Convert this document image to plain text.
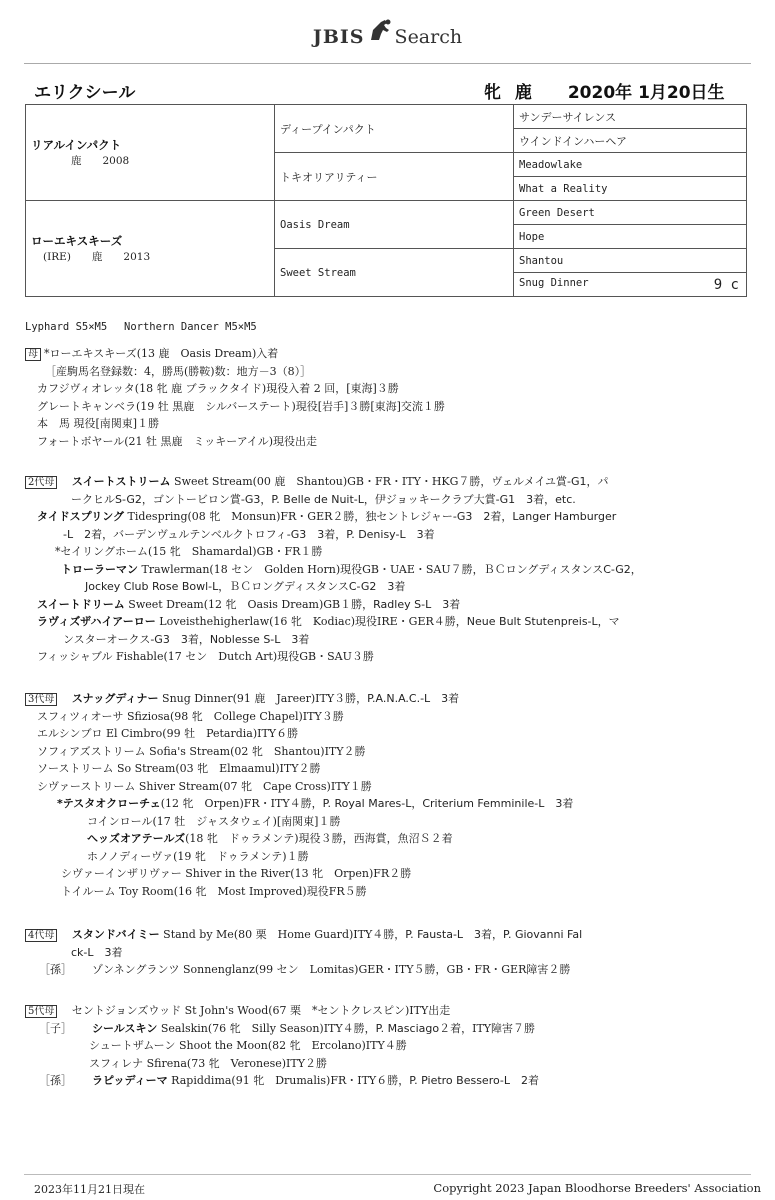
JBIS Search
エリクシール	牝 鹿 2020年 1月20日生
リアルインパクト
鹿　　2008	ディープインパクト	サンデーサイレンス
		ウインドインハーヘア
	トキオリアリティー	Meadowlake
		What a Reality

ローエキスキーズ
(IRE)　　鹿　　2013	Oasis Dream	Green Desert
		Hope
	Sweet Stream	Shantou
		Snug Dinner 9 c
Lyphard S5×M5　 Northern Dancer M5×M5
母 *ローエキスキーズ(13 鹿　Oasis Dream)入着
［産駒馬名登録数：4，勝馬(勝鞍)数：地方－3（8）］
カフジヴィオレッタ(18 牝 鹿 ブラックタイド)現役入着 2 回，[東海]３勝
グレートキャンベラ(19 牡 黒鹿　シルバーステート)現役[岩手]３勝[東海]交流１勝
本　馬 現役[南関東]１勝
フォートボヤール(21 牡 黒鹿　ミッキーアイル)現役出走
2代母 スイートストリーム Sweet Stream(00 鹿　Shantou)GB・FR・ITY・HKG７勝，ヴェルメイユ賞-G1，パ
ークヒルS-G2，ゴントービロン賞-G3，P. Belle de Nuit-L，伊ジョッキークラブ大賞-G1　3着，etc.
タイドスプリング Tidespring(08 牝　Monsun)FR・GER２勝，独セントレジャー-G3　2着，Langer Hamburger
-L　2着，バーデンヴュルテンベルクトロフィ-G3　3着，P. Denisy-L　3着
*セイリングホーム(15 牝　Shamardal)GB・FR１勝
トローラーマン Trawlerman(18 セン　Golden Horn)現役GB・UAE・SAU７勝，ＢＣロングディスタンスC-G2，
Jockey Club Rose Bowl-L，ＢＣロングディスタンスC-G2　3着
スイートドリーム Sweet Dream(12 牝　Oasis Dream)GB１勝，Radley S-L　3着
ラヴィズザハイアーロー Loveisthehigherlaw(16 牝　Kodiac)現役IRE・GER４勝，Neue Bult Stutenpreis-L，マ
ンスターオークス-G3　3着，Noblesse S-L　3着
フィッシャブル Fishable(17 セン　Dutch Art)現役GB・SAU３勝
3代母 スナッグディナー Snug Dinner(91 鹿　Jareer)ITY３勝，P.A.N.A.C.-L　3着
スフィツィオーサ Sfiziosa(98 牝　College Chapel)ITY３勝
エルシンブロ El Cimbro(99 牡　Petardia)ITY６勝
ソフィアズストリーム Sofia's Stream(02 牝　Shantou)ITY２勝
ソーストリーム So Stream(03 牝　Elmaamul)ITY２勝
シヴァーストリーム Shiver Stream(07 牝　Cape Cross)ITY１勝
*テスタオクローチェ(12 牝　Orpen)FR・ITY４勝，P. Royal Mares-L，Criterium Femminile-L　3着
コインロール(17 牡　ジャスタウェイ)[南関東]１勝
ヘッズオアテールズ(18 牝　ドゥラメンテ)現役３勝，西海賞，魚沼Ｓ２着
ホノノディーヴァ(19 牝　ドゥラメンテ)１勝
シヴァーインザリヴァー Shiver in the River(13 牝　Orpen)FR２勝
トイルーム Toy Room(16 牝　Most Improved)現役FR５勝
4代母 スタンドバイミー Stand by Me(80 栗　Home Guard)ITY４勝，P. Fausta-L　3着，P. Giovanni Fal
ck-L　3着
［孫］ ゾンネングランツ Sonnenglanz(99 セン　Lomitas)GER・ITY５勝，GB・FR・GER障害２勝
5代母 セントジョンズウッド St John's Wood(67 栗　*セントクレスピン)ITY出走
［子］ シールスキン Sealskin(76 牝　Silly Season)ITY４勝，P. Masciago２着，ITY障害７勝
シュートザムーン Shoot the Moon(82 牝　Ercolano)ITY４勝
スフィレナ Sfirena(73 牝　Veronese)ITY２勝
［孫］ ラピッディーマ Rapiddima(91 牝　Drumalis)FR・ITY６勝，P. Pietro Bessero-L　2着
2023年11月21日現在	Copyright 2023 Japan Bloodhorse Breeders' Association
